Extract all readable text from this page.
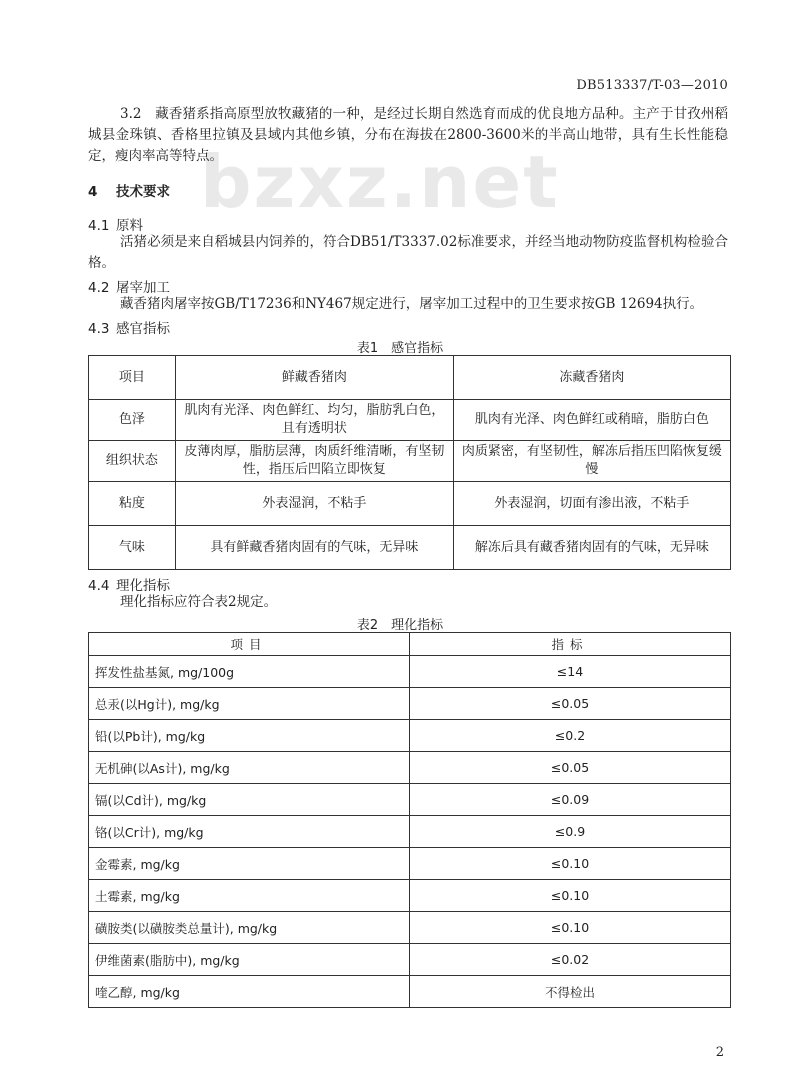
DB513337/T-03—2010
bzxz.net
3.2　藏香猪系指高原型放牧藏猪的一种，是经过长期自然选育而成的优良地方品种。主产于甘孜州稻城县金珠镇、香格里拉镇及县域内其他乡镇，分布在海拔在2800-3600米的半高山地带，具有生长性能稳定，瘦肉率高等特点。
4 技术要求
4.1 原料
活猪必须是来自稻城县内饲养的，符合DB51/T3337.02标准要求，并经当地动物防疫监督机构检验合格。
4.2 屠宰加工
藏香猪肉屠宰按GB/T17236和NY467规定进行，屠宰加工过程中的卫生要求按GB 12694执行。
4.3 感官指标
表1　感官指标
项目	鲜藏香猪肉	冻藏香猪肉
色泽	肌肉有光泽、肉色鲜红、均匀，脂肪乳白色，且有透明状	肌肉有光泽、肉色鲜红或稍暗，脂肪白色
组织状态	皮薄肉厚，脂肪层薄，肉质纤维清晰，有坚韧性，指压后凹陷立即恢复	肉质紧密，有坚韧性，解冻后指压凹陷恢复缓慢
粘度	外表湿润，不粘手	外表湿润，切面有渗出液，不粘手
气味	具有鲜藏香猪肉固有的气味，无异味	解冻后具有藏香猪肉固有的气味，无异味
4.4 理化指标
理化指标应符合表2规定。
表2　理化指标
项目	指标
挥发性盐基氮, mg/100g	≤14
总汞(以Hg计), mg/kg	≤0.05
铅(以Pb计), mg/kg	≤0.2
无机砷(以As计), mg/kg	≤0.05
镉(以Cd计), mg/kg	≤0.09
铬(以Cr计), mg/kg	≤0.9
金霉素, mg/kg	≤0.10
土霉素, mg/kg	≤0.10
磺胺类(以磺胺类总量计), mg/kg	≤0.10
伊维菌素(脂肪中), mg/kg	≤0.02
喹乙醇, mg/kg	不得检出
2
